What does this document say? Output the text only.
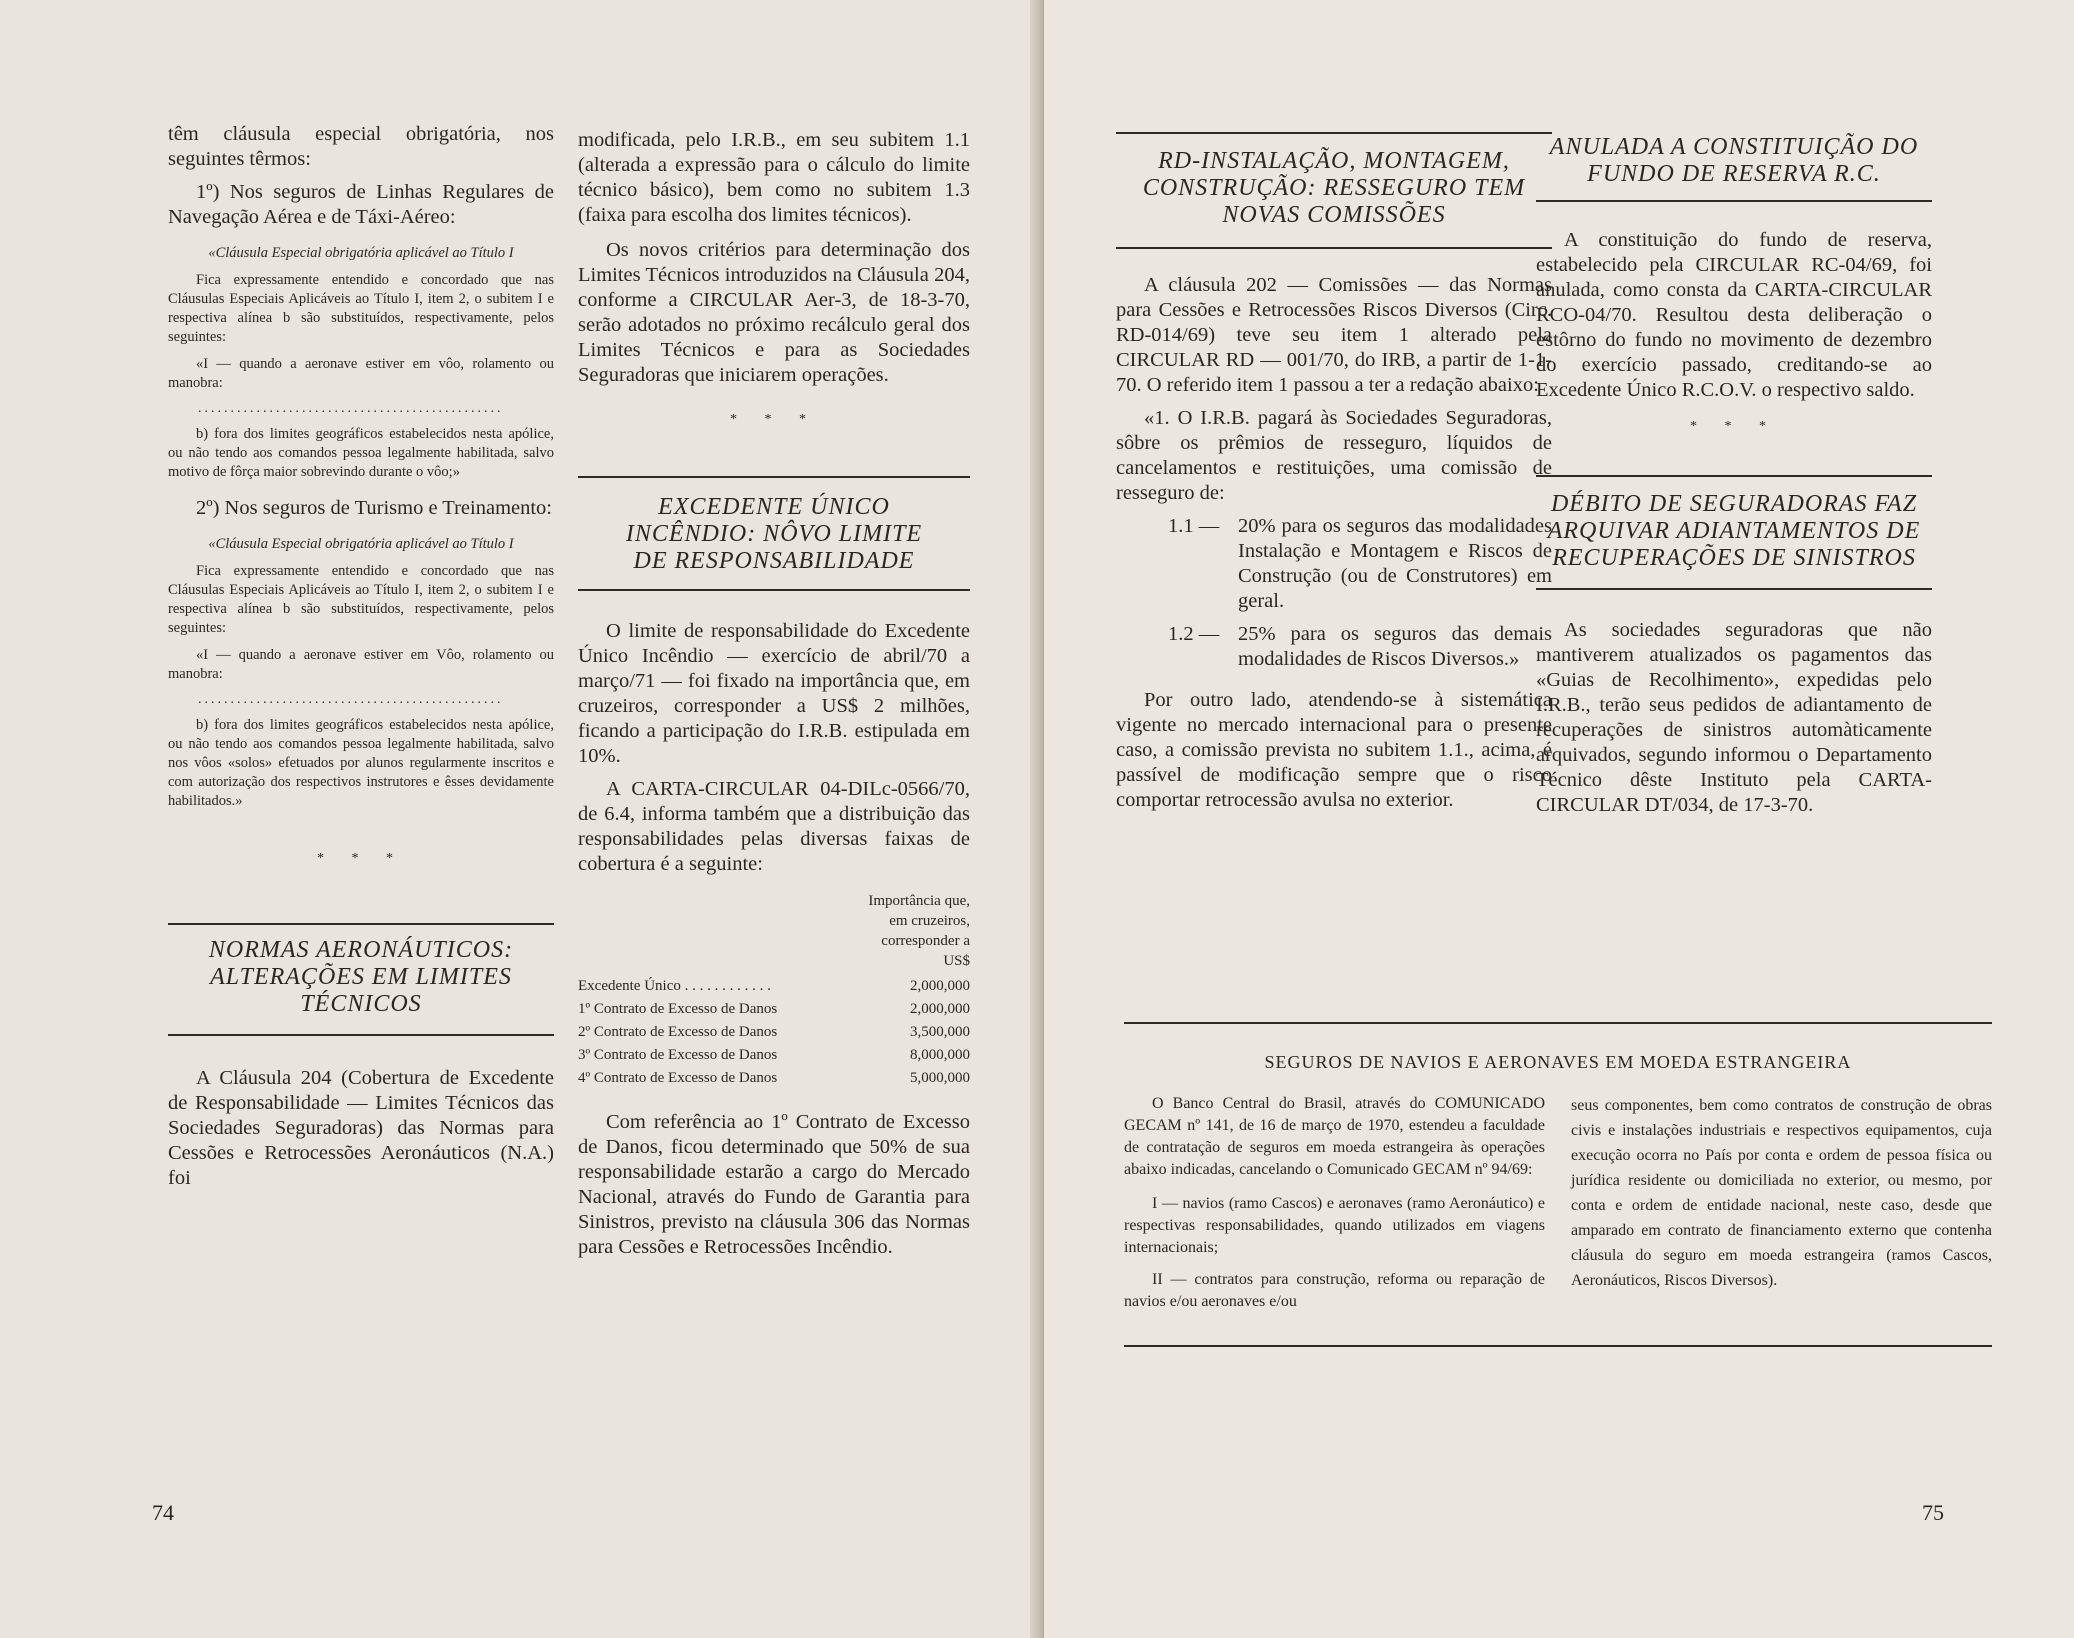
têm cláusula especial obrigatória, nos seguintes têrmos:

1º) Nos seguros de Linhas Regulares de Navegação Aérea e de Táxi-Aéreo:

«Cláusula Especial obrigatória aplicável ao Título I

Fica expressamente entendido e concordado que nas Cláusulas Especiais Aplicáveis ao Título I, item 2, o subitem I e respectiva alínea b são substituídos, respectivamente, pelos seguintes:

«I — quando a aeronave estiver em vôo, rolamento ou manobra:

...............................................

b) fora dos limites geográficos estabelecidos nesta apólice, ou não tendo aos comandos pessoa legalmente habilitada, salvo motivo de fôrça maior sobrevindo durante o vôo;»

2º) Nos seguros de Turismo e Treinamento:

«Cláusula Especial obrigatória aplicável ao Título I

Fica expressamente entendido e concordado que nas Cláusulas Especiais Aplicáveis ao Título I, item 2, o subitem I e respectiva alínea b são substituídos, respectivamente, pelos seguintes:

«I — quando a aeronave estiver em Vôo, rolamento ou manobra:

...............................................

b) fora dos limites geográficos estabelecidos nesta apólice, ou não tendo aos comandos pessoa legalmente habilitada, salvo nos vôos «solos» efetuados por alunos regularmente inscritos e com autorização dos respectivos instrutores e êsses devidamente habilitados.»

* * *
NORMAS AERONÁUTICOS: ALTERAÇÕES EM LIMITES TÉCNICOS

A Cláusula 204 (Cobertura de Excedente de Responsabilidade — Limites Técnicos das Sociedades Seguradoras) das Normas para Cessões e Retrocessões Aeronáuticos (N.A.) foi

modificada, pelo I.R.B., em seu subitem 1.1 (alterada a expressão para o cálculo do limite técnico básico), bem como no subitem 1.3 (faixa para escolha dos limites técnicos).

Os novos critérios para determinação dos Limites Técnicos introduzidos na Cláusula 204, conforme a CIRCULAR Aer-3, de 18-3-70, serão adotados no próximo recálculo geral dos Limites Técnicos e para as Sociedades Seguradoras que iniciarem operações.

* * *
EXCEDENTE ÚNICO INCÊNDIO: NÔVO LIMITE DE RESPONSABILIDADE

O limite de responsabilidade do Excedente Único Incêndio — exercício de abril/70 a março/71 — foi fixado na importância que, em cruzeiros, corresponder a US$ 2 milhões, ficando a participação do I.R.B. estipulada em 10%.

A CARTA-CIRCULAR 04-DILc-0566/70, de 6.4, informa também que a distribuição das responsabilidades pelas diversas faixas de cobertura é a seguinte:

Importância que, em cruzeiros, corresponder a US$
Excedente Único . . . . . . . . . . . .	2,000,000
1º Contrato de Excesso de Danos	2,000,000
2º Contrato de Excesso de Danos	3,500,000
3º Contrato de Excesso de Danos	8,000,000
4º Contrato de Excesso de Danos	5,000,000

Com referência ao 1º Contrato de Excesso de Danos, ficou determinado que 50% de sua responsabilidade estarão a cargo do Mercado Nacional, através do Fundo de Garantia para Sinistros, previsto na cláusula 306 das Normas para Cessões e Retrocessões Incêndio.

74
RD-INSTALAÇÃO, MONTAGEM, CONSTRUÇÃO: RESSEGURO TEM NOVAS COMISSÕES

A cláusula 202 — Comissões — das Normas para Cessões e Retrocessões Riscos Diversos (Circ. RD-014/69) teve seu item 1 alterado pela CIRCULAR RD — 001/70, do IRB, a partir de 1-1-70. O referido item 1 passou a ter a redação abaixo:

«1. O I.R.B. pagará às Sociedades Seguradoras, sôbre os prêmios de resseguro, líquidos de cancelamentos e restituições, uma comissão de resseguro de:

1.1 — 20% para os seguros das modalidades Instalação e Montagem e Riscos de Construção (ou de Construtores) em geral.

1.2 — 25% para os seguros das demais modalidades de Riscos Diversos.»

Por outro lado, atendendo-se à sistemática vigente no mercado internacional para o presente caso, a comissão prevista no subitem 1.1., acima, é passível de modificação sempre que o risco comportar retrocessão avulsa no exterior.

ANULADA A CONSTITUIÇÃO DO FUNDO DE RESERVA R.C.

A constituição do fundo de reserva, estabelecido pela CIRCULAR RC-04/69, foi anulada, como consta da CARTA-CIRCULAR RCO-04/70. Resultou desta deliberação o estôrno do fundo no movimento de dezembro do exercício passado, creditando-se ao Excedente Único R.C.O.V. o respectivo saldo.

* * *
DÉBITO DE SEGURADORAS FAZ ARQUIVAR ADIANTAMENTOS DE RECUPERAÇÕES DE SINISTROS

As sociedades seguradoras que não mantiverem atualizados os pagamentos das «Guias de Recolhimento», expedidas pelo I.R.B., terão seus pedidos de adiantamento de recuperações de sinistros automàticamente arquivados, segundo informou o Departamento Técnico dêste Instituto pela CARTA-CIRCULAR DT/034, de 17-3-70.

SEGUROS DE NAVIOS E AERONAVES EM MOEDA ESTRANGEIRA

O Banco Central do Brasil, através do COMUNICADO GECAM nº 141, de 16 de março de 1970, estendeu a faculdade de contratação de seguros em moeda estrangeira às operações abaixo indicadas, cancelando o Comunicado GECAM nº 94/69:

I — navios (ramo Cascos) e aeronaves (ramo Aeronáutico) e respectivas responsabilidades, quando utilizados em viagens internacionais;

II — contratos para construção, reforma ou reparação de navios e/ou aeronaves e/ou

seus componentes, bem como contratos de construção de obras civis e instalações industriais e respectivos equipamentos, cuja execução ocorra no País por conta e ordem de pessoa física ou jurídica residente ou domiciliada no exterior, ou mesmo, por conta e ordem de entidade nacional, neste caso, desde que amparado em contrato de financiamento externo que contenha cláusula do seguro em moeda estrangeira (ramos Cascos, Aeronáuticos, Riscos Diversos).

75
